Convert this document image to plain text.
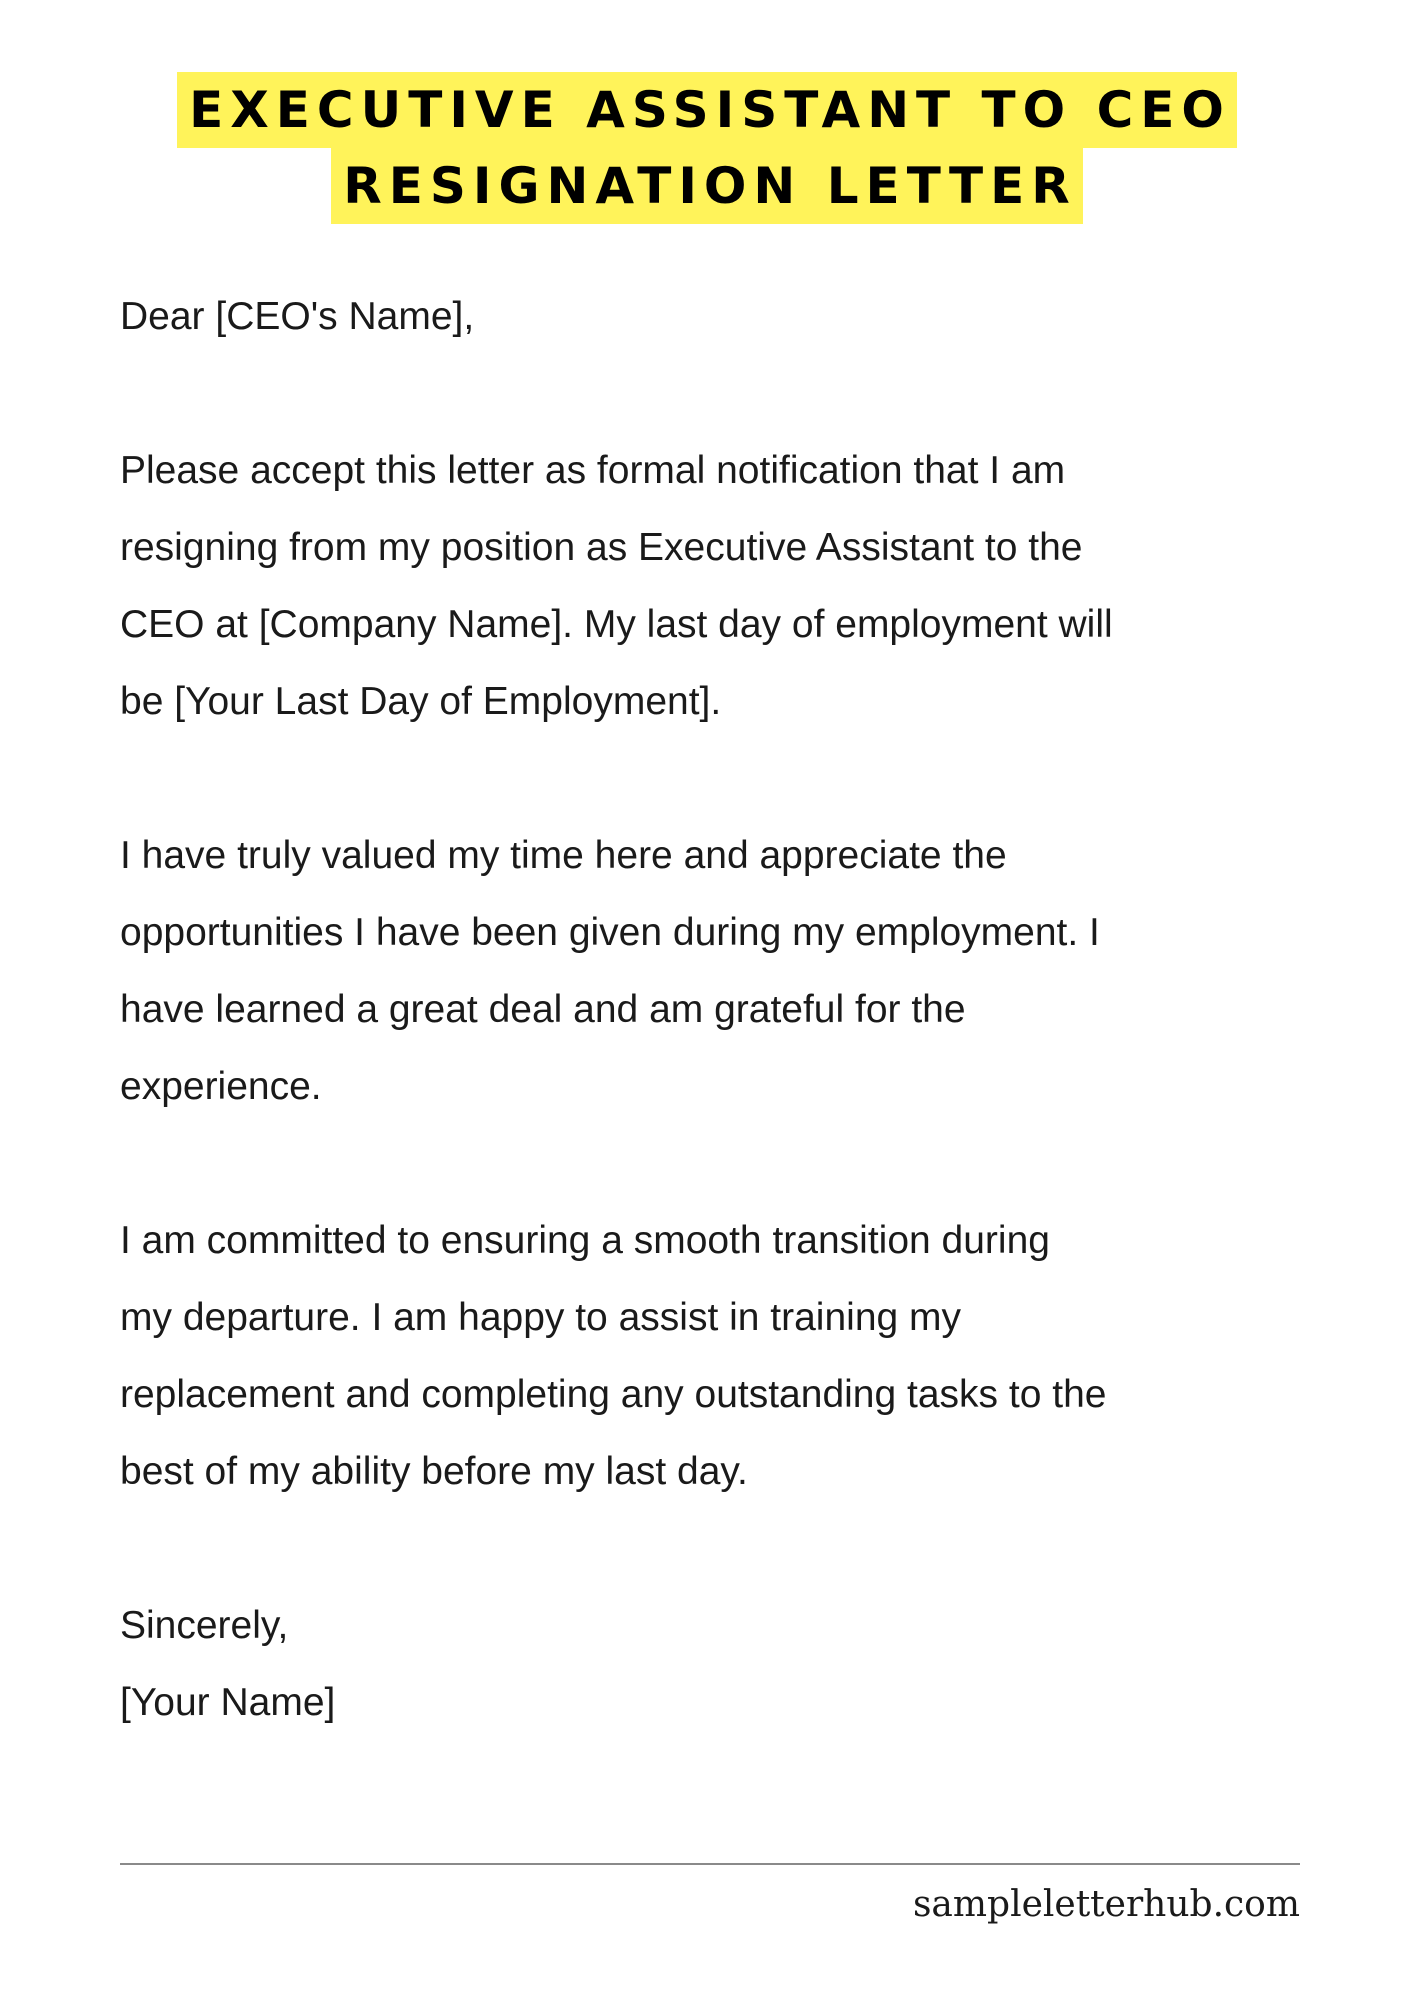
EXECUTIVE ASSISTANT TO CEO
RESIGNATION LETTER
Dear [CEO's Name],
Please accept this letter as formal notification that I am
resigning from my position as Executive Assistant to the
CEO at [Company Name]. My last day of employment will
be [Your Last Day of Employment].
I have truly valued my time here and appreciate the
opportunities I have been given during my employment. I
have learned a great deal and am grateful for the
experience.
I am committed to ensuring a smooth transition during
my departure. I am happy to assist in training my
replacement and completing any outstanding tasks to the
best of my ability before my last day.
Sincerely,
[Your Name]
sampleletterhub.com
